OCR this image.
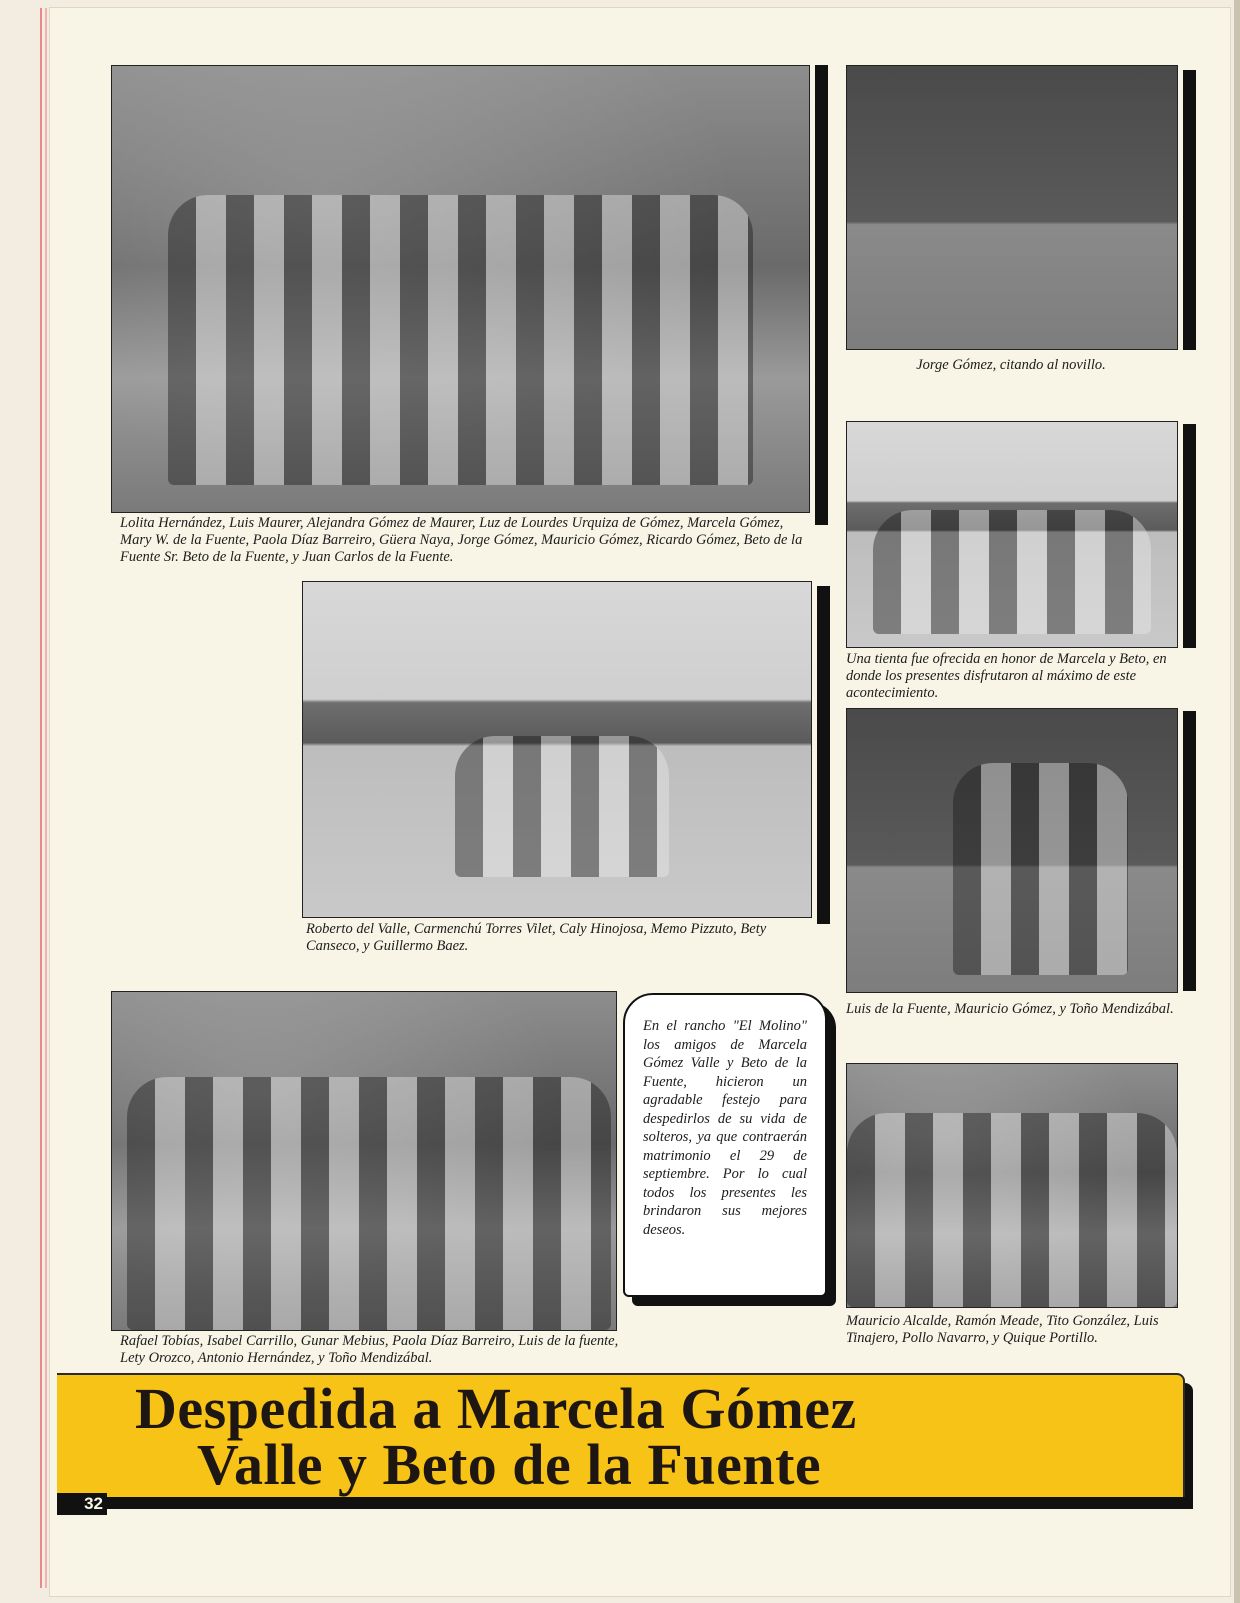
Lolita Hernández, Luis Maurer, Alejandra Gómez de Maurer, Luz de Lourdes Urquiza de Gómez, Marcela Gómez, Mary W. de la Fuente, Paola Díaz Barreiro, Güera Naya, Jorge Gómez, Mauricio Gómez, Ricardo Gómez, Beto de la Fuente Sr. Beto de la Fuente, y Juan Carlos de la Fuente.

Jorge Gómez, citando al novillo.

Una tienta fue ofrecida en honor de Marcela y Beto, en donde los presentes disfrutaron al máximo de este acontecimiento.

Roberto del Valle, Carmenchú Torres Vilet, Caly Hinojosa, Memo Pizzuto, Bety Canseco, y Guillermo Baez.

Luis de la Fuente, Mauricio Gómez, y Toño Mendizábal.

Rafael Tobías, Isabel Carrillo, Gunar Mebius, Paola Díaz Barreiro, Luis de la fuente, Lety Orozco, Antonio Hernández, y Toño Mendizábal.

En el rancho "El Molino" los amigos de Marcela Gómez Valle y Beto de la Fuente, hicieron un agradable festejo para despedirlos de su vida de solteros, ya que contraerán matrimonio el 29 de septiembre. Por lo cual todos los presentes les brindaron sus mejores deseos.

Mauricio Alcalde, Ramón Meade, Tito González, Luis Tinajero, Pollo Navarro, y Quique Portillo.

Despedida a Marcela Gómez
Valle y Beto de la Fuente
32
